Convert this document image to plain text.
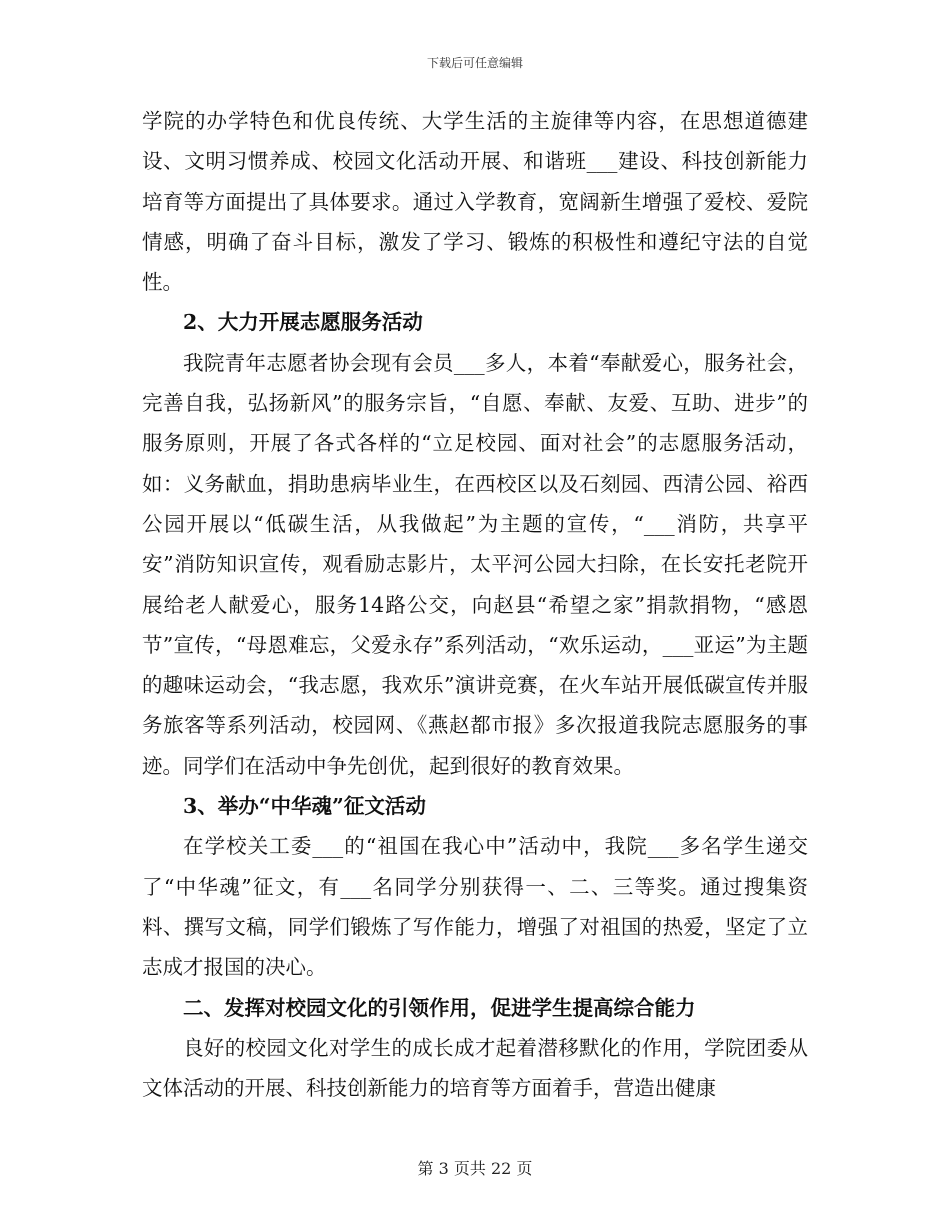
下载后可任意编辑

学院的办学特色和优良传统、大学生活的主旋律等内容，在思想道德建设、文明习惯养成、校园文化活动开展、和谐班___建设、科技创新能力培育等方面提出了具体要求。通过入学教育，宽阔新生增强了爱校、爱院情感，明确了奋斗目标，激发了学习、锻炼的积极性和遵纪守法的自觉性。

2、大力开展志愿服务活动

我院青年志愿者协会现有会员___多人，本着“奉献爱心，服务社会，完善自我，弘扬新风”的服务宗旨，“自愿、奉献、友爱、互助、进步”的服务原则，开展了各式各样的“立足校园、面对社会”的志愿服务活动，如：义务献血，捐助患病毕业生，在西校区以及石刻园、西清公园、裕西公园开展以“低碳生活，从我做起”为主题的宣传，“___消防，共享平安”消防知识宣传，观看励志影片，太平河公园大扫除，在长安托老院开展给老人献爱心，服务14路公交，向赵县“希望之家”捐款捐物，“感恩节”宣传，“母恩难忘，父爱永存”系列活动，“欢乐运动，___亚运”为主题的趣味运动会，“我志愿，我欢乐”演讲竞赛，在火车站开展低碳宣传并服务旅客等系列活动，校园网、《燕赵都市报》多次报道我院志愿服务的事迹。同学们在活动中争先创优，起到很好的教育效果。

3、举办“中华魂”征文活动

在学校关工委___的“祖国在我心中”活动中，我院___多名学生递交了“中华魂”征文，有___名同学分别获得一、二、三等奖。通过搜集资料、撰写文稿，同学们锻炼了写作能力，增强了对祖国的热爱，坚定了立志成才报国的决心。

二、发挥对校园文化的引领作用，促进学生提高综合能力

良好的校园文化对学生的成长成才起着潜移默化的作用，学院团委从文体活动的开展、科技创新能力的培育等方面着手，营造出健康

第 3 页共 22 页
